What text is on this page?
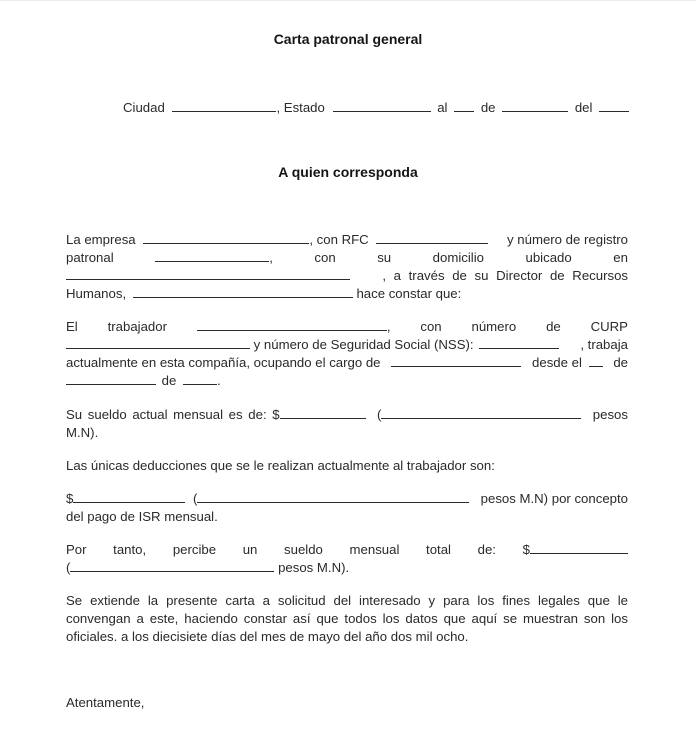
Carta patronal general
Ciudad	, Estado	al	de	del
A quien corresponda
La empresa	, con RFC	y número de registro
patronal	,	con	su	domicilio	ubicado	en
, a través de su Director de Recursos
Humanos,	hace constar que:
El trabajador	, con número de CURP
y número de Seguridad Social (NSS):	, trabaja
actualmente en esta compañía, ocupando el cargo de	desde el	de
de	.
Su sueldo actual mensual es de: $	(	pesos
M.N).
Las únicas deducciones que se le realizan actualmente al trabajador son:
$	(	pesos M.N) por concepto
del pago de ISR mensual.
Por tanto, percibe un sueldo mensual total de: $
(	pesos M.N).
Se extiende la presente carta a solicitud del interesado y para los fines legales que le
convengan a este, haciendo constar así que todos los datos que aquí se muestran son los
oficiales. a los diecisiete días del mes de mayo del año dos mil ocho.
Atentamente,
